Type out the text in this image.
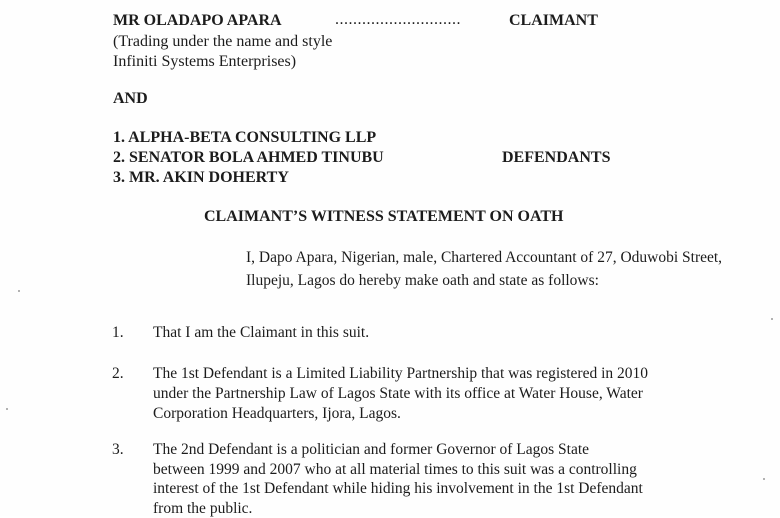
MR OLADAPO APARA	............................	CLAIMANT
(Trading under the name and style
Infiniti Systems Enterprises)
AND
1. ALPHA-BETA CONSULTING LLP
2. SENATOR BOLA AHMED TINUBU	DEFENDANTS
3. MR. AKIN DOHERTY
CLAIMANT’S WITNESS STATEMENT ON OATH
I, Dapo Apara, Nigerian, male, Chartered Accountant of 27, Oduwobi Street,
Ilupeju, Lagos do hereby make oath and state as follows:
1. That I am the Claimant in this suit.
2. The 1st Defendant is a Limited Liability Partnership that was registered in 2010
under the Partnership Law of Lagos State with its office at Water House, Water
Corporation Headquarters, Ijora, Lagos.
3. The 2nd Defendant is a politician and former Governor of Lagos State
between 1999 and 2007 who at all material times to this suit was a controlling
interest of the 1st Defendant while hiding his involvement in the 1st Defendant
from the public.
